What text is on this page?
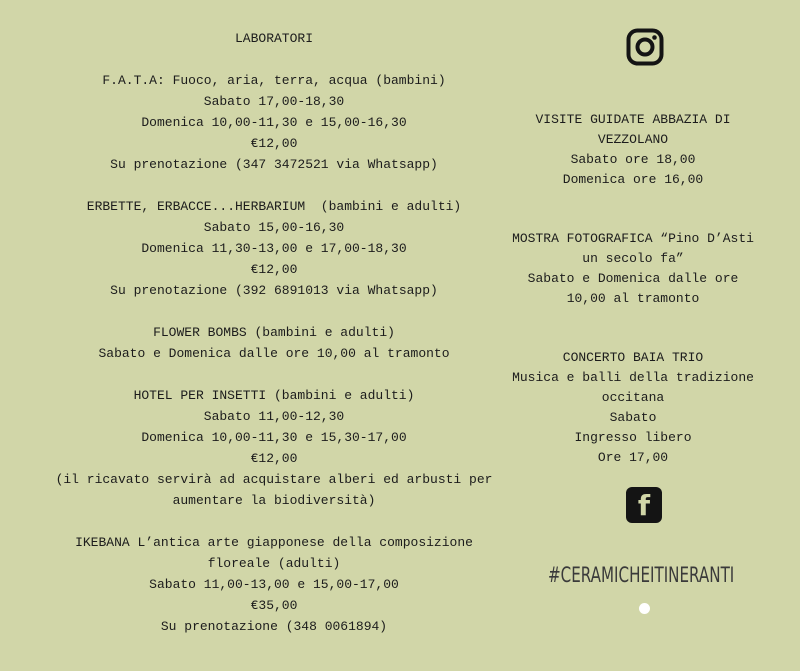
LABORATORI
F.A.T.A: Fuoco, aria, terra, acqua (bambini)
Sabato 17,00-18,30
Domenica 10,00-11,30 e 15,00-16,30
€12,00
Su prenotazione (347 3472521 via Whatsapp)
ERBETTE, ERBACCE...HERBARIUM  (bambini e adulti)
Sabato 15,00-16,30
Domenica 11,30-13,00 e 17,00-18,30
€12,00
Su prenotazione (392 6891013 via Whatsapp)
FLOWER BOMBS (bambini e adulti)
Sabato e Domenica dalle ore 10,00 al tramonto
HOTEL PER INSETTI (bambini e adulti)
Sabato 11,00-12,30
Domenica 10,00-11,30 e 15,30-17,00
€12,00
(il ricavato servirà ad acquistare alberi ed arbusti per
aumentare la biodiversità)
IKEBANA L’antica arte giapponese della composizione
floreale (adulti)
Sabato 11,00-13,00 e 15,00-17,00
€35,00
Su prenotazione (348 0061894)
VISITE GUIDATE ABBAZIA DI
VEZZOLANO
Sabato ore 18,00
Domenica ore 16,00
MOSTRA FOTOGRAFICA “Pino D’Asti
un secolo fa”
Sabato e Domenica dalle ore
10,00 al tramonto
CONCERTO BAIA TRIO
Musica e balli della tradizione
occitana
Sabato
Ingresso libero
Ore 17,00
f
#CERAMICHEITINERANTI
